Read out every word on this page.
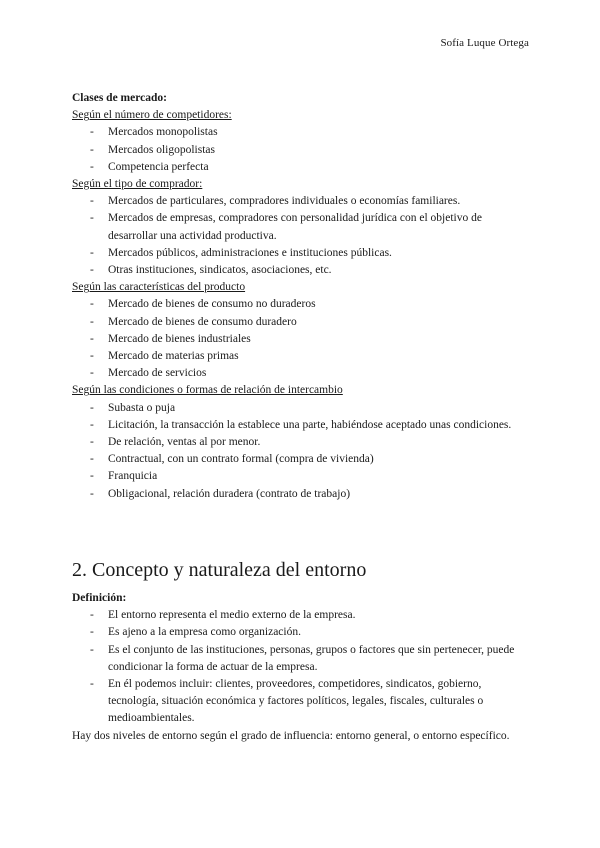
Sofía Luque Ortega
Clases de mercado:
Según el número de competidores:
- Mercados monopolistas
- Mercados oligopolistas
- Competencia perfecta
Según el tipo de comprador:
- Mercados de particulares, compradores individuales o economías familiares.
- Mercados de empresas, compradores con personalidad jurídica con el objetivo de desarrollar una actividad productiva.
- Mercados públicos, administraciones e instituciones públicas.
- Otras instituciones, sindicatos, asociaciones, etc.
Según las características del producto
- Mercado de bienes de consumo no duraderos
- Mercado de bienes de consumo duradero
- Mercado de bienes industriales
- Mercado de materias primas
- Mercado de servicios
Según las condiciones o formas de relación de intercambio
- Subasta o puja
- Licitación, la transacción la establece una parte, habiéndose aceptado unas condiciones.
- De relación, ventas al por menor.
- Contractual, con un contrato formal (compra de vivienda)
- Franquicia
- Obligacional, relación duradera (contrato de trabajo)
2. Concepto y naturaleza del entorno
Definición:
- El entorno representa el medio externo de la empresa.
- Es ajeno a la empresa como organización.
- Es el conjunto de las instituciones, personas, grupos o factores que sin pertenecer, puede condicionar la forma de actuar de la empresa.
- En él podemos incluir: clientes, proveedores, competidores, sindicatos, gobierno, tecnología, situación económica y factores políticos, legales, fiscales, culturales o medioambientales.
Hay dos niveles de entorno según el grado de influencia: entorno general, o entorno específico.
